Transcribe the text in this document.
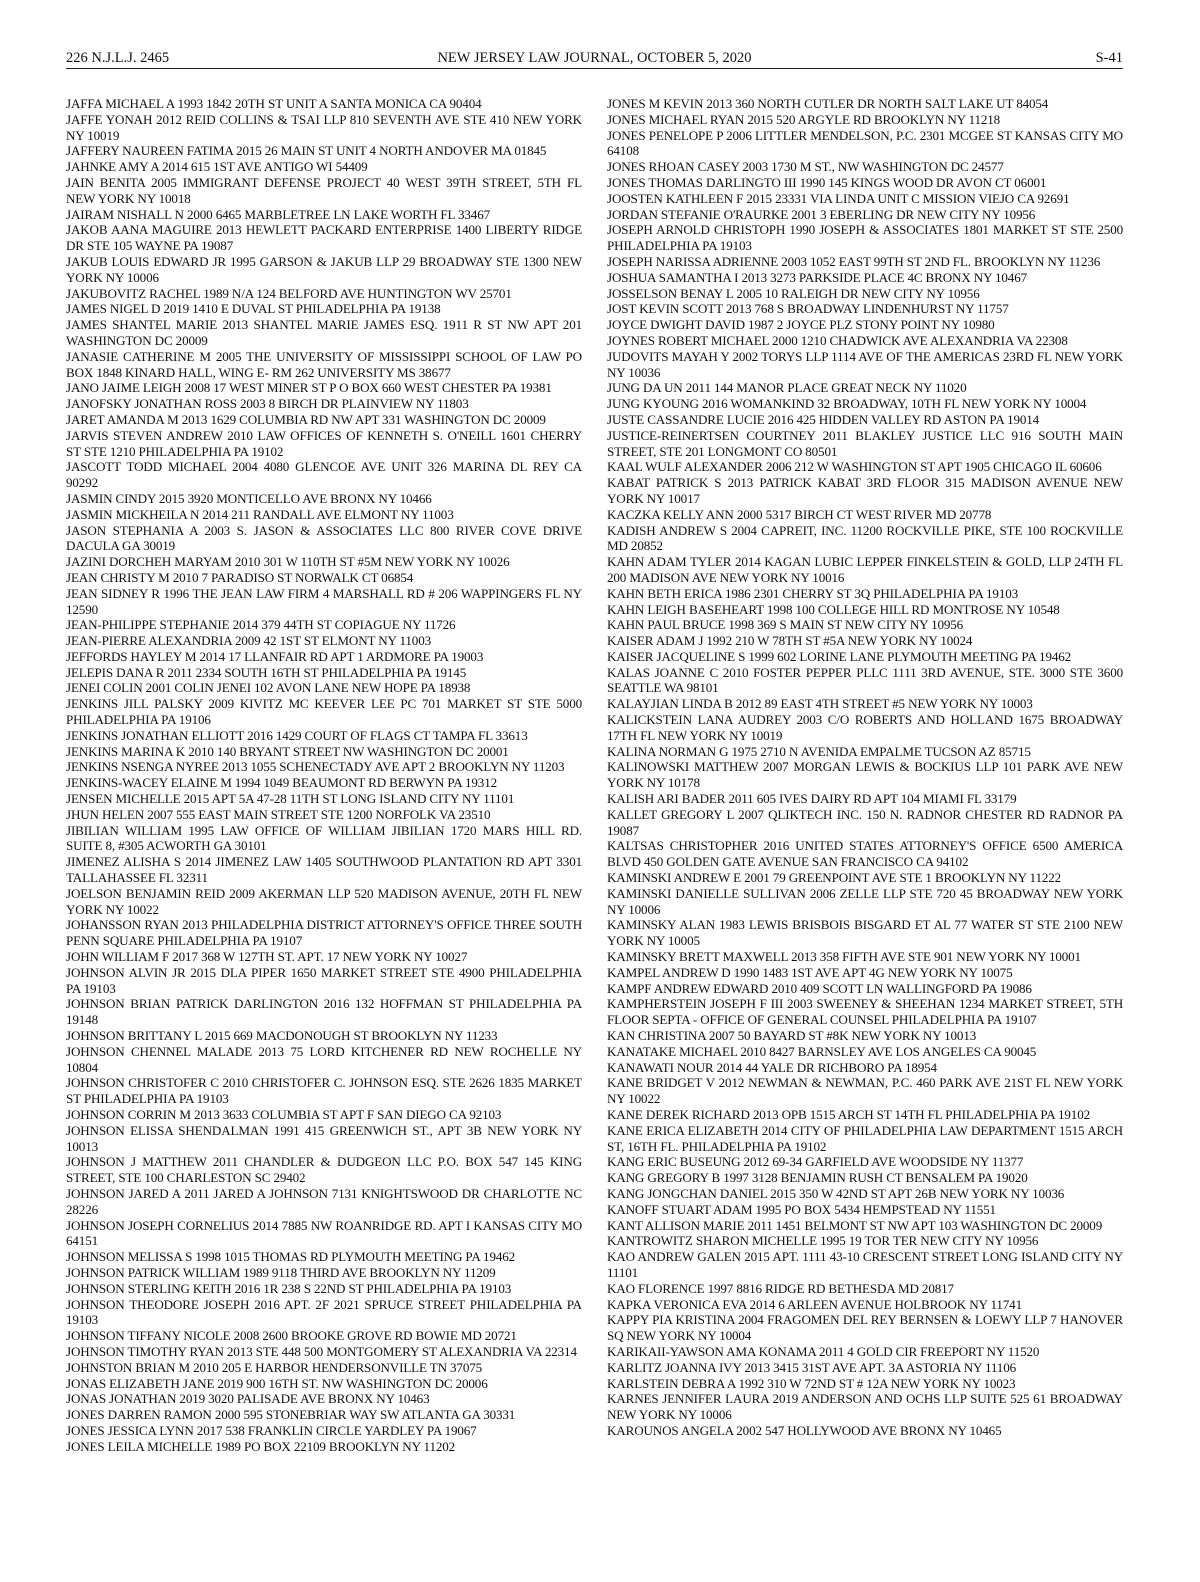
226 N.J.L.J. 2465	NEW JERSEY LAW JOURNAL, OCTOBER 5, 2020	S-41

JAFFA MICHAEL A 1993 1842 20TH ST UNIT A SANTA MONICA CA 90404

JAFFE YONAH 2012 REID COLLINS & TSAI LLP 810 SEVENTH AVE STE 410 NEW YORK NY 10019

JAFFERY NAUREEN FATIMA 2015 26 MAIN ST UNIT 4 NORTH ANDOVER MA 01845

JAHNKE AMY A 2014 615 1ST AVE ANTIGO WI 54409

JAIN BENITA 2005 IMMIGRANT DEFENSE PROJECT 40 WEST 39TH STREET, 5TH FL NEW YORK NY 10018

JAIRAM NISHALL N 2000 6465 MARBLETREE LN LAKE WORTH FL 33467

JAKOB AANA MAGUIRE 2013 HEWLETT PACKARD ENTERPRISE 1400 LIBERTY RIDGE DR STE 105 WAYNE PA 19087

JAKUB LOUIS EDWARD JR 1995 GARSON & JAKUB LLP 29 BROADWAY STE 1300 NEW YORK NY 10006

JAKUBOVITZ RACHEL 1989 N/A 124 BELFORD AVE HUNTINGTON WV 25701

JAMES NIGEL D 2019 1410 E DUVAL ST PHILADELPHIA PA 19138

JAMES SHANTEL MARIE 2013 SHANTEL MARIE JAMES ESQ. 1911 R ST NW APT 201 WASHINGTON DC 20009

JANASIE CATHERINE M 2005 THE UNIVERSITY OF MISSISSIPPI SCHOOL OF LAW PO BOX 1848 KINARD HALL, WING E- RM 262 UNIVERSITY MS 38677

JANO JAIME LEIGH 2008 17 WEST MINER ST P O BOX 660 WEST CHESTER PA 19381

JANOFSKY JONATHAN ROSS 2003 8 BIRCH DR PLAINVIEW NY 11803

JARET AMANDA M 2013 1629 COLUMBIA RD NW APT 331 WASHINGTON DC 20009

JARVIS STEVEN ANDREW 2010 LAW OFFICES OF KENNETH S. O'NEILL 1601 CHERRY ST STE 1210 PHILADELPHIA PA 19102

JASCOTT TODD MICHAEL 2004 4080 GLENCOE AVE UNIT 326 MARINA DL REY CA 90292

JASMIN CINDY 2015 3920 MONTICELLO AVE BRONX NY 10466

JASMIN MICKHEILA N 2014 211 RANDALL AVE ELMONT NY 11003

JASON STEPHANIA A 2003 S. JASON & ASSOCIATES LLC 800 RIVER COVE DRIVE DACULA GA 30019

JAZINI DORCHEH MARYAM 2010 301 W 110TH ST #5M NEW YORK NY 10026

JEAN CHRISTY M 2010 7 PARADISO ST NORWALK CT 06854

JEAN SIDNEY R 1996 THE JEAN LAW FIRM 4 MARSHALL RD # 206 WAPPINGERS FL NY 12590

JEAN-PHILIPPE STEPHANIE 2014 379 44TH ST COPIAGUE NY 11726

JEAN-PIERRE ALEXANDRIA 2009 42 1ST ST ELMONT NY 11003

JEFFORDS HAYLEY M 2014 17 LLANFAIR RD APT 1 ARDMORE PA 19003

JELEPIS DANA R 2011 2334 SOUTH 16TH ST PHILADELPHIA PA 19145

JENEI COLIN 2001 COLIN JENEI 102 AVON LANE NEW HOPE PA 18938

JENKINS JILL PALSKY 2009 KIVITZ MC KEEVER LEE PC 701 MARKET ST STE 5000 PHILADELPHIA PA 19106

JENKINS JONATHAN ELLIOTT 2016 1429 COURT OF FLAGS CT TAMPA FL 33613

JENKINS MARINA K 2010 140 BRYANT STREET NW WASHINGTON DC 20001

JENKINS NSENGA NYREE 2013 1055 SCHENECTADY AVE APT 2 BROOKLYN NY 11203

JENKINS-WACEY ELAINE M 1994 1049 BEAUMONT RD BERWYN PA 19312

JENSEN MICHELLE 2015 APT 5A 47-28 11TH ST LONG ISLAND CITY NY 11101

JHUN HELEN 2007 555 EAST MAIN STREET STE 1200 NORFOLK VA 23510

JIBILIAN WILLIAM 1995 LAW OFFICE OF WILLIAM JIBILIAN 1720 MARS HILL RD. SUITE 8, #305 ACWORTH GA 30101

JIMENEZ ALISHA S 2014 JIMENEZ LAW 1405 SOUTHWOOD PLANTATION RD APT 3301 TALLAHASSEE FL 32311

JOELSON BENJAMIN REID 2009 AKERMAN LLP 520 MADISON AVENUE, 20TH FL NEW YORK NY 10022

JOHANSSON RYAN 2013 PHILADELPHIA DISTRICT ATTORNEY'S OFFICE THREE SOUTH PENN SQUARE PHILADELPHIA PA 19107

JOHN WILLIAM F 2017 368 W 127TH ST. APT. 17 NEW YORK NY 10027

JOHNSON ALVIN JR 2015 DLA PIPER 1650 MARKET STREET STE 4900 PHILADELPHIA PA 19103

JOHNSON BRIAN PATRICK DARLINGTON 2016 132 HOFFMAN ST PHILADELPHIA PA 19148

JOHNSON BRITTANY L 2015 669 MACDONOUGH ST BROOKLYN NY 11233

JOHNSON CHENNEL MALADE 2013 75 LORD KITCHENER RD NEW ROCHELLE NY 10804

JOHNSON CHRISTOFER C 2010 CHRISTOFER C. JOHNSON ESQ. STE 2626 1835 MARKET ST PHILADELPHIA PA 19103

JOHNSON CORRIN M 2013 3633 COLUMBIA ST APT F SAN DIEGO CA 92103

JOHNSON ELISSA SHENDALMAN 1991 415 GREENWICH ST., APT 3B NEW YORK NY 10013

JOHNSON J MATTHEW 2011 CHANDLER & DUDGEON LLC P.O. BOX 547 145 KING STREET, STE 100 CHARLESTON SC 29402

JOHNSON JARED A 2011 JARED A JOHNSON 7131 KNIGHTSWOOD DR CHARLOTTE NC 28226

JOHNSON JOSEPH CORNELIUS 2014 7885 NW ROANRIDGE RD. APT I KANSAS CITY MO 64151

JOHNSON MELISSA S 1998 1015 THOMAS RD PLYMOUTH MEETING PA 19462

JOHNSON PATRICK WILLIAM 1989 9118 THIRD AVE BROOKLYN NY 11209

JOHNSON STERLING KEITH 2016 1R 238 S 22ND ST PHILADELPHIA PA 19103

JOHNSON THEODORE JOSEPH 2016 APT. 2F 2021 SPRUCE STREET PHILADELPHIA PA 19103

JOHNSON TIFFANY NICOLE 2008 2600 BROOKE GROVE RD BOWIE MD 20721

JOHNSON TIMOTHY RYAN 2013 STE 448 500 MONTGOMERY ST ALEXANDRIA VA 22314

JOHNSTON BRIAN M 2010 205 E HARBOR HENDERSONVILLE TN 37075

JONAS ELIZABETH JANE 2019 900 16TH ST. NW WASHINGTON DC 20006

JONAS JONATHAN 2019 3020 PALISADE AVE BRONX NY 10463

JONES DARREN RAMON 2000 595 STONEBRIAR WAY SW ATLANTA GA 30331

JONES JESSICA LYNN 2017 538 FRANKLIN CIRCLE YARDLEY PA 19067

JONES LEILA MICHELLE 1989 PO BOX 22109 BROOKLYN NY 11202

JONES M KEVIN 2013 360 NORTH CUTLER DR NORTH SALT LAKE UT 84054

JONES MICHAEL RYAN 2015 520 ARGYLE RD BROOKLYN NY 11218

JONES PENELOPE P 2006 LITTLER MENDELSON, P.C. 2301 MCGEE ST KANSAS CITY MO 64108

JONES RHOAN CASEY 2003 1730 M ST., NW WASHINGTON DC 24577

JONES THOMAS DARLINGTO III 1990 145 KINGS WOOD DR AVON CT 06001

JOOSTEN KATHLEEN F 2015 23331 VIA LINDA UNIT C MISSION VIEJO CA 92691

JORDAN STEFANIE O'RAURKE 2001 3 EBERLING DR NEW CITY NY 10956

JOSEPH ARNOLD CHRISTOPH 1990 JOSEPH & ASSOCIATES 1801 MARKET ST STE 2500 PHILADELPHIA PA 19103

JOSEPH NARISSA ADRIENNE 2003 1052 EAST 99TH ST 2ND FL. BROOKLYN NY 11236

JOSHUA SAMANTHA I 2013 3273 PARKSIDE PLACE 4C BRONX NY 10467

JOSSELSON BENAY L 2005 10 RALEIGH DR NEW CITY NY 10956

JOST KEVIN SCOTT 2013 768 S BROADWAY LINDENHURST NY 11757

JOYCE DWIGHT DAVID 1987 2 JOYCE PLZ STONY POINT NY 10980

JOYNES ROBERT MICHAEL 2000 1210 CHADWICK AVE ALEXANDRIA VA 22308

JUDOVITS MAYAH Y 2002 TORYS LLP 1114 AVE OF THE AMERICAS 23RD FL NEW YORK NY 10036

JUNG DA UN 2011 144 MANOR PLACE GREAT NECK NY 11020

JUNG KYOUNG 2016 WOMANKIND 32 BROADWAY, 10TH FL NEW YORK NY 10004

JUSTE CASSANDRE LUCIE 2016 425 HIDDEN VALLEY RD ASTON PA 19014

JUSTICE-REINERTSEN COURTNEY 2011 BLAKLEY JUSTICE LLC 916 SOUTH MAIN STREET, STE 201 LONGMONT CO 80501

KAAL WULF ALEXANDER 2006 212 W WASHINGTON ST APT 1905 CHICAGO IL 60606

KABAT PATRICK S 2013 PATRICK KABAT 3RD FLOOR 315 MADISON AVENUE NEW YORK NY 10017

KACZKA KELLY ANN 2000 5317 BIRCH CT WEST RIVER MD 20778

KADISH ANDREW S 2004 CAPREIT, INC. 11200 ROCKVILLE PIKE, STE 100 ROCKVILLE MD 20852

KAHN ADAM TYLER 2014 KAGAN LUBIC LEPPER FINKELSTEIN & GOLD, LLP 24TH FL 200 MADISON AVE NEW YORK NY 10016

KAHN BETH ERICA 1986 2301 CHERRY ST 3Q PHILADELPHIA PA 19103

KAHN LEIGH BASEHEART 1998 100 COLLEGE HILL RD MONTROSE NY 10548

KAHN PAUL BRUCE 1998 369 S MAIN ST NEW CITY NY 10956

KAISER ADAM J 1992 210 W 78TH ST #5A NEW YORK NY 10024

KAISER JACQUELINE S 1999 602 LORINE LANE PLYMOUTH MEETING PA 19462

KALAS JOANNE C 2010 FOSTER PEPPER PLLC 1111 3RD AVENUE, STE. 3000 STE 3600 SEATTLE WA 98101

KALAYJIAN LINDA B 2012 89 EAST 4TH STREET #5 NEW YORK NY 10003

KALICKSTEIN LANA AUDREY 2003 C/O ROBERTS AND HOLLAND 1675 BROADWAY 17TH FL NEW YORK NY 10019

KALINA NORMAN G 1975 2710 N AVENIDA EMPALME TUCSON AZ 85715

KALINOWSKI MATTHEW 2007 MORGAN LEWIS & BOCKIUS LLP 101 PARK AVE NEW YORK NY 10178

KALISH ARI BADER 2011 605 IVES DAIRY RD APT 104 MIAMI FL 33179

KALLET GREGORY L 2007 QLIKTECH INC. 150 N. RADNOR CHESTER RD RADNOR PA 19087

KALTSAS CHRISTOPHER 2016 UNITED STATES ATTORNEY'S OFFICE 6500 AMERICA BLVD 450 GOLDEN GATE AVENUE SAN FRANCISCO CA 94102

KAMINSKI ANDREW E 2001 79 GREENPOINT AVE STE 1 BROOKLYN NY 11222

KAMINSKI DANIELLE SULLIVAN 2006 ZELLE LLP STE 720 45 BROADWAY NEW YORK NY 10006

KAMINSKY ALAN 1983 LEWIS BRISBOIS BISGARD ET AL 77 WATER ST STE 2100 NEW YORK NY 10005

KAMINSKY BRETT MAXWELL 2013 358 FIFTH AVE STE 901 NEW YORK NY 10001

KAMPEL ANDREW D 1990 1483 1ST AVE APT 4G NEW YORK NY 10075

KAMPF ANDREW EDWARD 2010 409 SCOTT LN WALLINGFORD PA 19086

KAMPHERSTEIN JOSEPH F III 2003 SWEENEY & SHEEHAN 1234 MARKET STREET, 5TH FLOOR SEPTA - OFFICE OF GENERAL COUNSEL PHILADELPHIA PA 19107

KAN CHRISTINA 2007 50 BAYARD ST #8K NEW YORK NY 10013

KANATAKE MICHAEL 2010 8427 BARNSLEY AVE LOS ANGELES CA 90045

KANAWATI NOUR 2014 44 YALE DR RICHBORO PA 18954

KANE BRIDGET V 2012 NEWMAN & NEWMAN, P.C. 460 PARK AVE 21ST FL NEW YORK NY 10022

KANE DEREK RICHARD 2013 OPB 1515 ARCH ST 14TH FL PHILADELPHIA PA 19102

KANE ERICA ELIZABETH 2014 CITY OF PHILADELPHIA LAW DEPARTMENT 1515 ARCH ST, 16TH FL. PHILADELPHIA PA 19102

KANG ERIC BUSEUNG 2012 69-34 GARFIELD AVE WOODSIDE NY 11377

KANG GREGORY B 1997 3128 BENJAMIN RUSH CT BENSALEM PA 19020

KANG JONGCHAN DANIEL 2015 350 W 42ND ST APT 26B NEW YORK NY 10036

KANOFF STUART ADAM 1995 PO BOX 5434 HEMPSTEAD NY 11551

KANT ALLISON MARIE 2011 1451 BELMONT ST NW APT 103 WASHINGTON DC 20009

KANTROWITZ SHARON MICHELLE 1995 19 TOR TER NEW CITY NY 10956

KAO ANDREW GALEN 2015 APT. 1111 43-10 CRESCENT STREET LONG ISLAND CITY NY 11101

KAO FLORENCE 1997 8816 RIDGE RD BETHESDA MD 20817

KAPKA VERONICA EVA 2014 6 ARLEEN AVENUE HOLBROOK NY 11741

KAPPY PIA KRISTINA 2004 FRAGOMEN DEL REY BERNSEN & LOEWY LLP 7 HANOVER SQ NEW YORK NY 10004

KARIKAII-YAWSON AMA KONAMA 2011 4 GOLD CIR FREEPORT NY 11520

KARLITZ JOANNA IVY 2013 3415 31ST AVE APT. 3A ASTORIA NY 11106

KARLSTEIN DEBRA A 1992 310 W 72ND ST # 12A NEW YORK NY 10023

KARNES JENNIFER LAURA 2019 ANDERSON AND OCHS LLP SUITE 525 61 BROADWAY NEW YORK NY 10006

KAROUNOS ANGELA 2002 547 HOLLYWOOD AVE BRONX NY 10465
